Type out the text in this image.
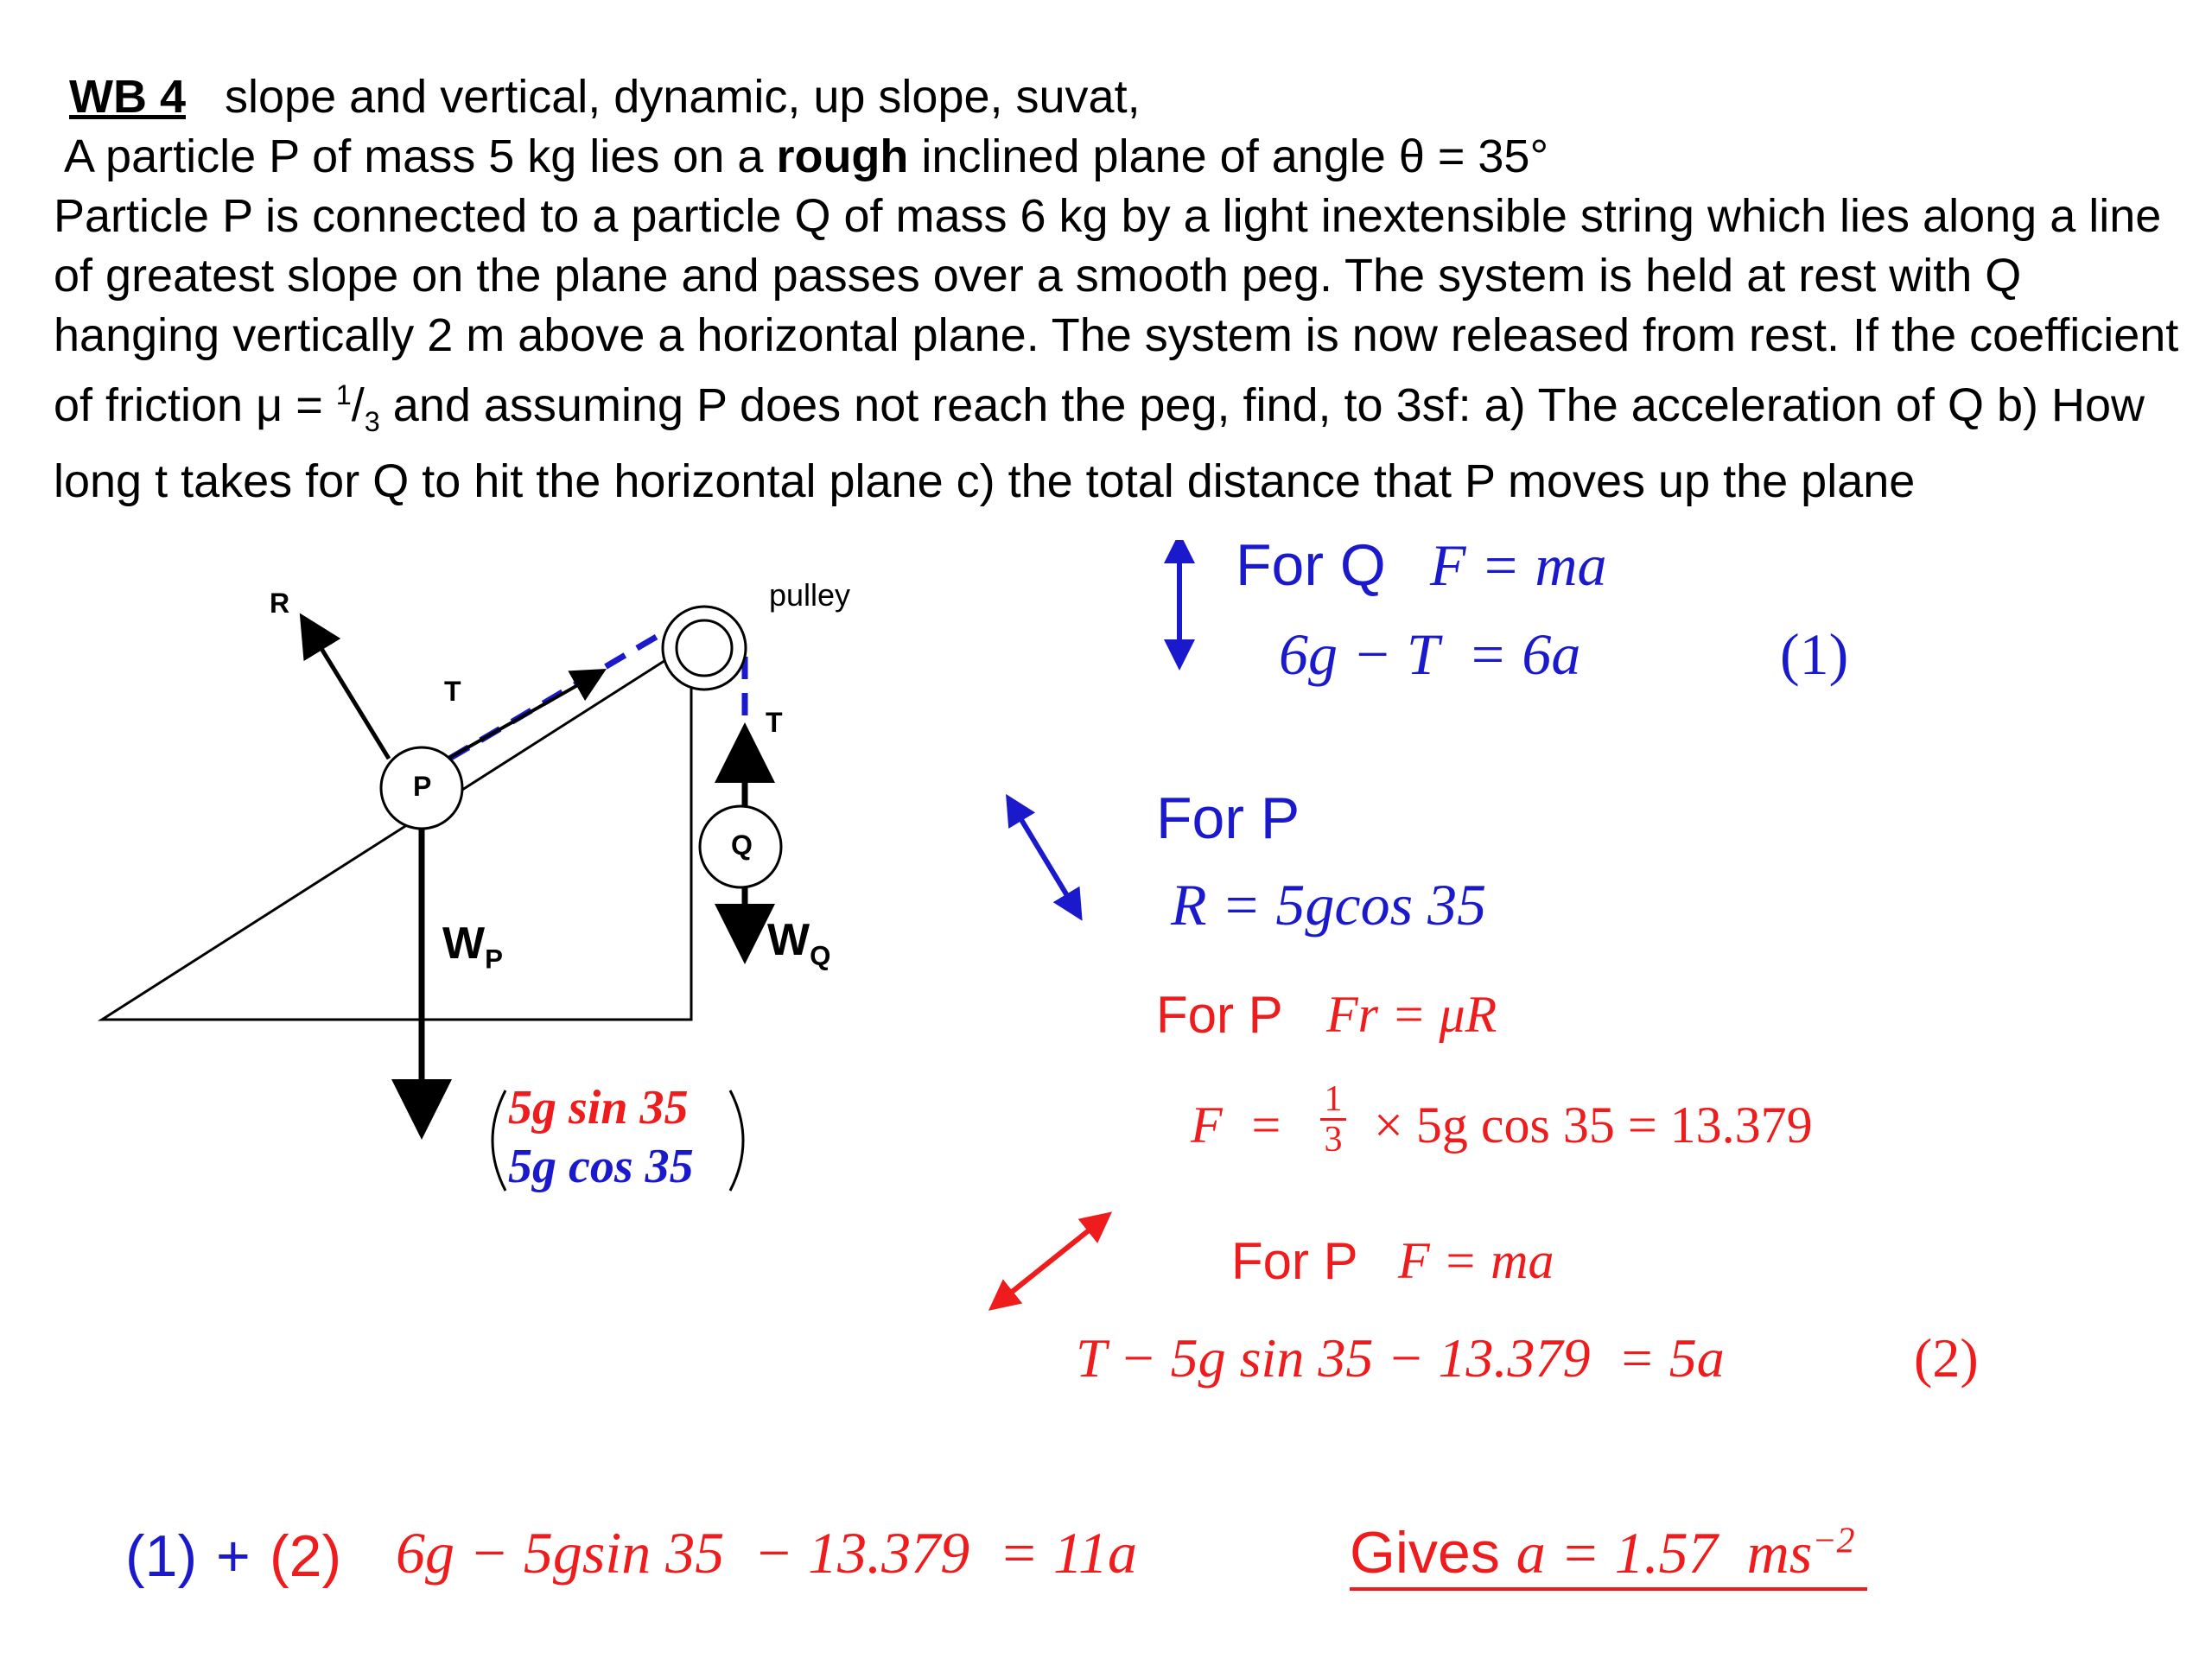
WB 4 slope and vertical, dynamic, up slope, suvat,
A particle P of mass 5 kg lies on a rough inclined plane of angle θ = 35°
Particle P is connected to a particle Q of mass 6 kg by a light inextensible string which lies along a line of greatest slope on the plane and passes over a smooth peg. The system is held at rest with Q hanging vertically 2 m above a horizontal plane. The system is now released from rest. If the coefficient of friction $\mu = ^1/_3$ and assuming P does not reach the peg, find, to 3sf: a) The acceleration of Q b) How long t takes for Q to hit the horizontal plane c) the total distance that P moves up the plane
R
T
T
P
Q
pulley
$W_P$	$W_Q$
5g sin 35
5g cos 35
For Q F = ma
6g − T  = 6a	(1)
For P
R = 5gcos 35
For P Fr = μR
$F = \frac{1}{3} \times 5g$ cos 35 = 13.379
For P F = ma
T − 5g sin 35 − 13.379  = 5a	(2)
(1) + (2) 6g − 5gsin 35  − 13.379  = 11a	Gives a = 1.57  $ms^{-2}$
